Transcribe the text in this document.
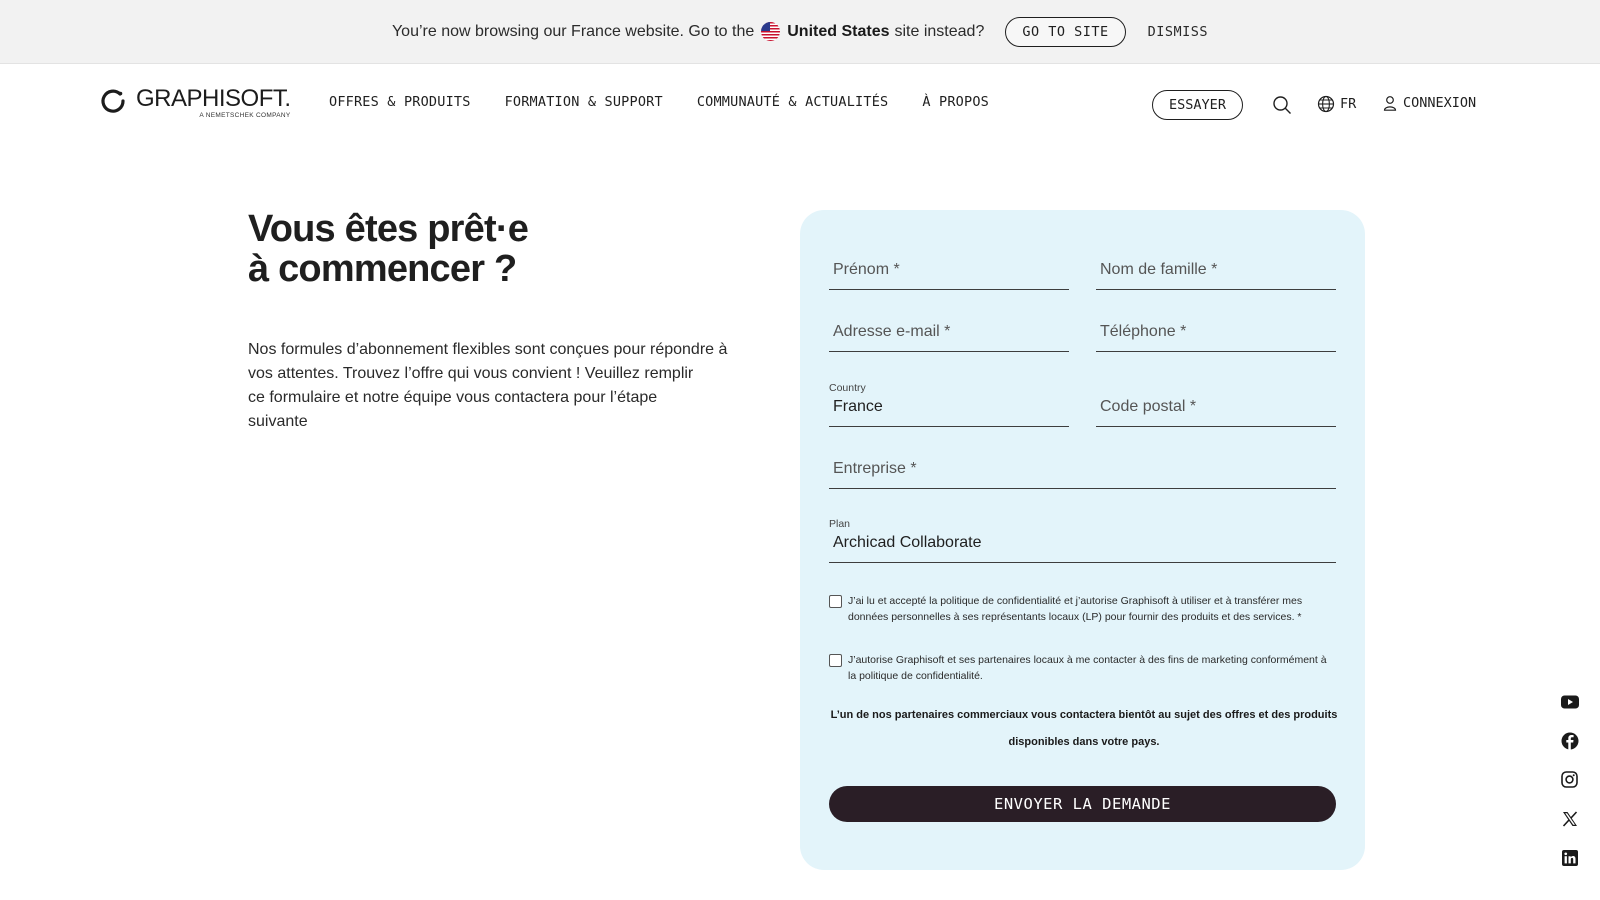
You’re now browsing our France website. Go to the United States site instead?	GO TO SITE	DISMISS
GRAPHISOFT.
A NEMETSCHEK COMPANY
OFFRES & PRODUITS	FORMATION & SUPPORT	COMMUNAUTÉ & ACTUALITÉS	À PROPOS	ESSAYER	FR	CONNEXION
Vous êtes prêt·e
à commencer ?

Nos formules d’abonnement flexibles sont conçues pour répondre à
vos attentes. Trouvez l’offre qui vous convient ! Veuillez remplir
ce formulaire et notre équipe vous contactera pour l’étape
suivante

Prénom *	Nom de famille *
Adresse e-mail *	Téléphone *
Country
France	Code postal *
Entreprise *
Plan
Archicad Collaborate
J’ai lu et accepté la politique de confidentialité et j’autorise Graphisoft à utiliser et à transférer mes
données personnelles à ses représentants locaux (LP) pour fournir des produits et des services. *
J’autorise Graphisoft et ses partenaires locaux à me contacter à des fins de marketing conformément à
la politique de confidentialité.

L’un de nos partenaires commerciaux vous contactera bientôt au sujet des offres et des produits
disponibles dans votre pays.

ENVOYER LA DEMANDE
